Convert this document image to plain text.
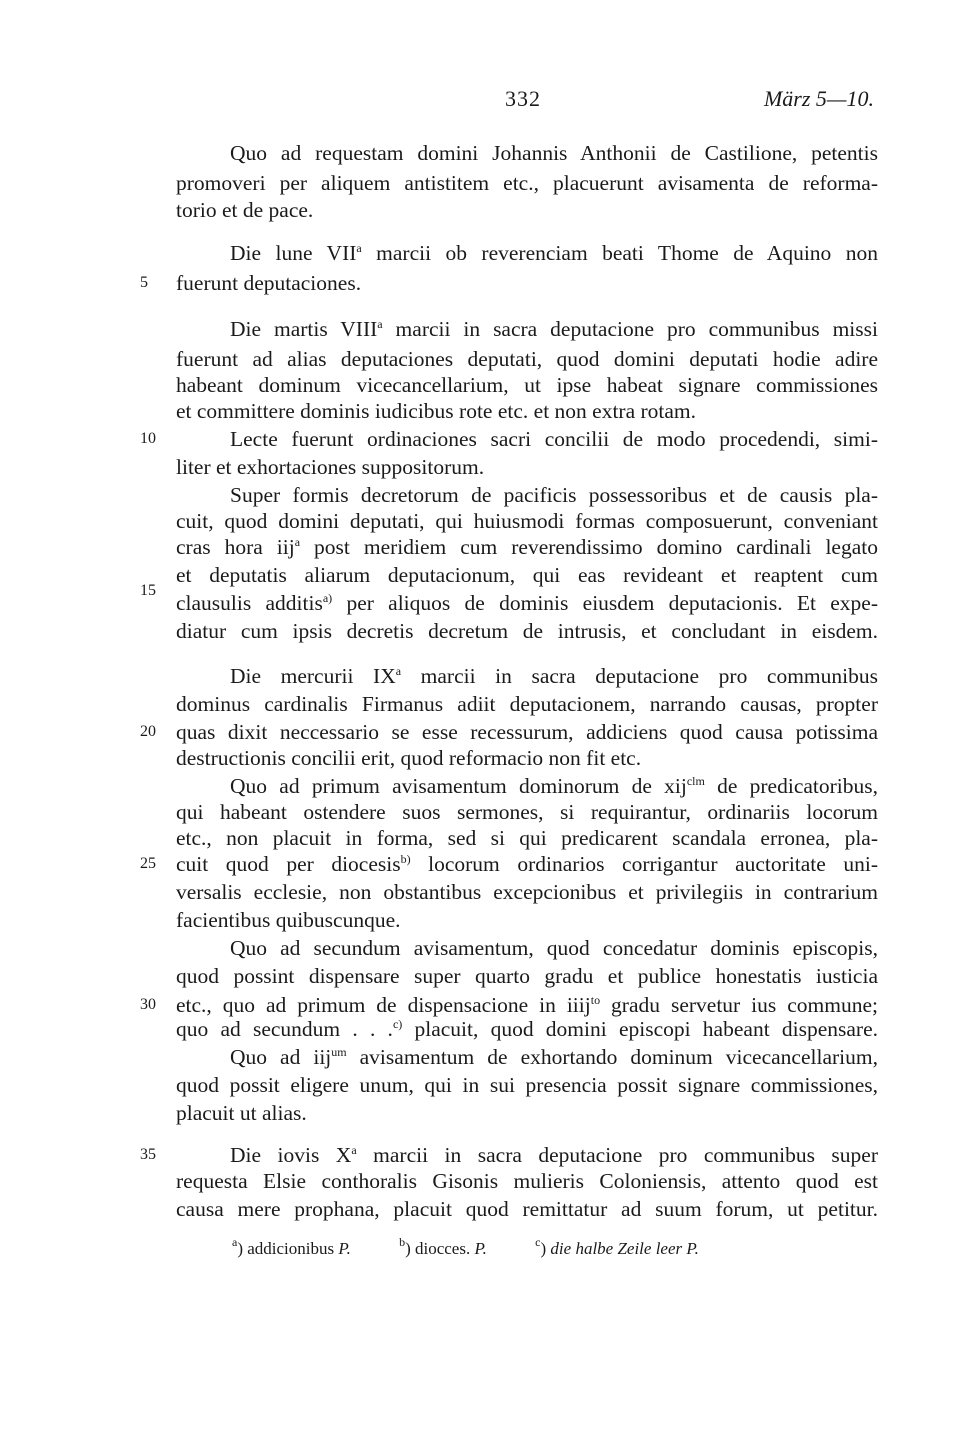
332	März 5—10.
5
10
15
20
25
30
35
Quo ad requestam domini Johannis Anthonii de Castilione, petentis
promoveri per aliquem antistitem etc., placuerunt avisamenta de reforma-
torio et de pace.
Die lune VII$^a$ marcii ob reverenciam beati Thome de Aquino non
fuerunt deputaciones.
Die martis VIII$^a$ marcii in sacra deputacione pro communibus missi
fuerunt ad alias deputaciones deputati, quod domini deputati hodie adire
habeant dominum vicecancellarium, ut ipse habeat signare commissiones
et committere dominis iudicibus rote etc. et non extra rotam.
Lecte fuerunt ordinaciones sacri concilii de modo procedendi, simi-
liter et exhortaciones suppositorum.
Super formis decretorum de pacificis possessoribus et de causis pla-
cuit, quod domini deputati, qui huiusmodi formas composuerunt, conveniant
cras hora iij$^a$ post meridiem cum reverendissimo domino cardinali legato
et deputatis aliarum deputacionum, qui eas revideant et reaptent cum
clausulis additis$^{a)}$ per aliquos de dominis eiusdem deputacionis. Et expe-
diatur cum ipsis decretis decretum de intrusis, et concludant in eisdem.
Die mercurii $IX^a$ marcii in sacra deputacione pro communibus
dominus cardinalis Firmanus adiit deputacionem, narrando causas, propter
quas dixit neccessario se esse recessurum, addiciens quod causa potissima
destructionis concilii erit, quod reformacio non fit etc.
Quo ad primum avisamentum dominorum de xij$^{clm}$ de predicatoribus,
qui habeant ostendere suos sermones, si requirantur, ordinariis locorum
etc., non placuit in forma, sed si qui predicarent scandala erronea, pla-
cuit quod per diocesis$^{b)}$ locorum ordinarios corrigantur auctoritate uni-
versalis ecclesie, non obstantibus excepcionibus et privilegiis in contrarium
facientibus quibuscunque.
Quo ad secundum avisamentum, quod concedatur dominis episcopis,
quod possint dispensare super quarto gradu et publice honestatis iusticia
etc., quo ad primum de dispensacione in iiij$^{to}$ gradu servetur ius commune;
quo ad secundum . . .$^{c)}$ placuit, quod domini episcopi habeant dispensare.
Quo ad iij$^{um}$ avisamentum de exhortando dominum vicecancellarium,
quod possit eligere unum, qui in sui presencia possit signare commissiones,
placuit ut alias.
Die iovis $X^a$ marcii in sacra deputacione pro communibus super
requesta Elsie conthoralis Gisonis mulieris Coloniensis, attento quod est
causa mere prophana, placuit quod remittatur ad suum forum, ut petitur.
$^a$) addicionibus P.	$^b$) diocces. P.	$^c$) die halbe Zeile leer P.
